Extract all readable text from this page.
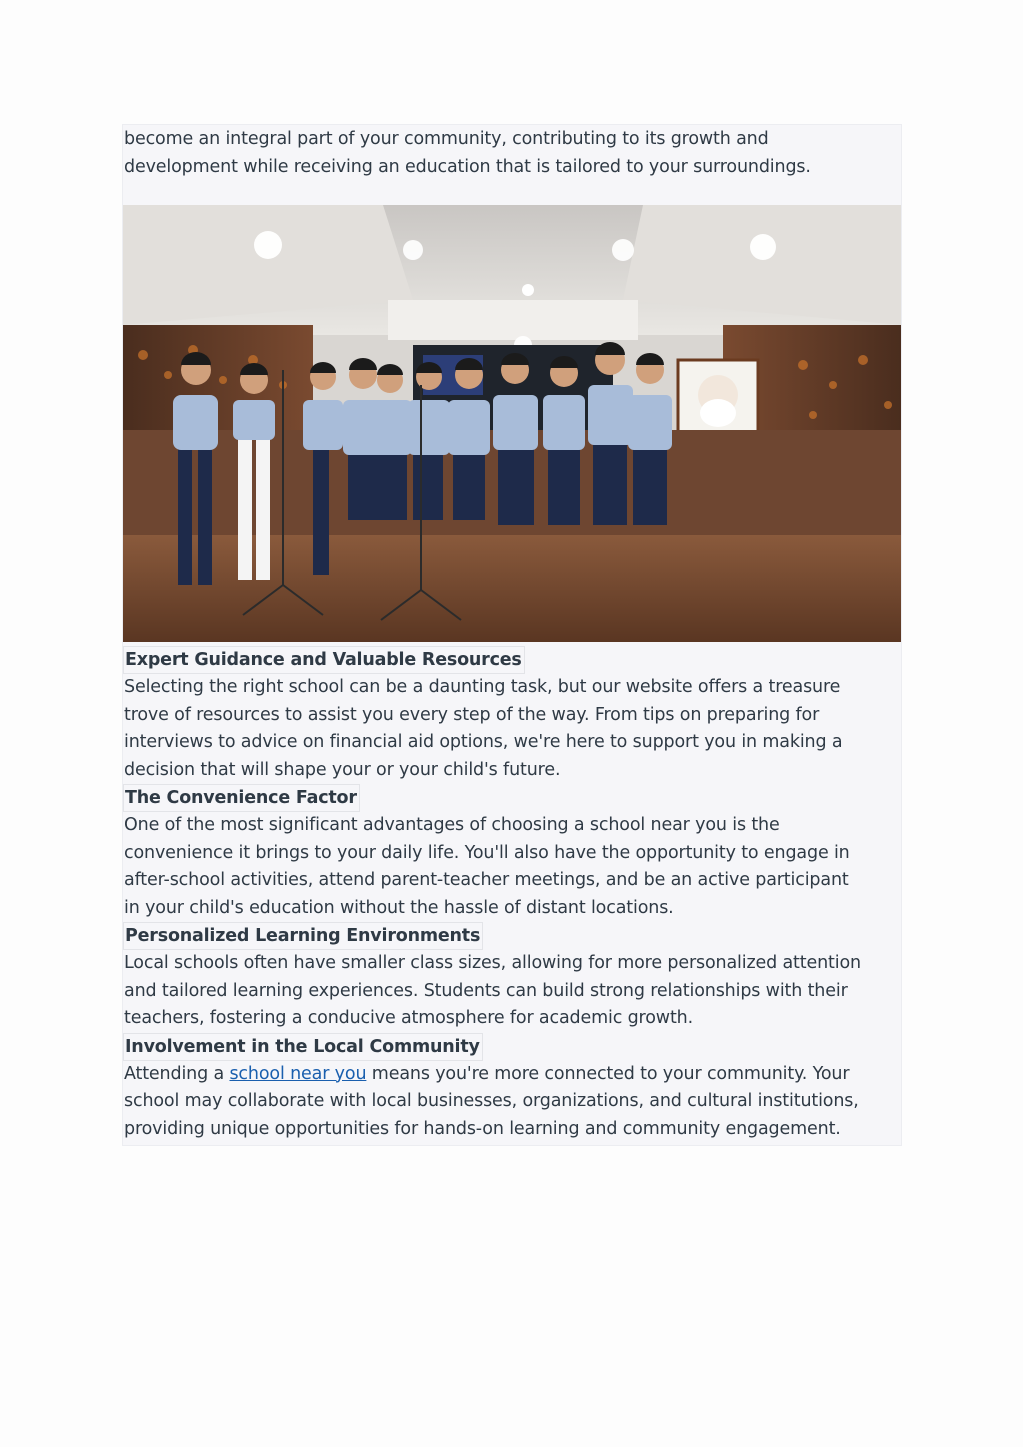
become an integral part of your community, contributing to its growth and
development while receiving an education that is tailored to your surroundings.

Expert Guidance and Valuable Resources

Selecting the right school can be a daunting task, but our website offers a treasure
trove of resources to assist you every step of the way. From tips on preparing for
interviews to advice on financial aid options, we're here to support you in making a
decision that will shape your or your child's future.

The Convenience Factor

One of the most significant advantages of choosing a school near you is the
convenience it brings to your daily life. You'll also have the opportunity to engage in
after-school activities, attend parent-teacher meetings, and be an active participant
in your child's education without the hassle of distant locations.

Personalized Learning Environments

Local schools often have smaller class sizes, allowing for more personalized attention
and tailored learning experiences. Students can build strong relationships with their
teachers, fostering a conducive atmosphere for academic growth.

Involvement in the Local Community

Attending a school near you means you're more connected to your community. Your
school may collaborate with local businesses, organizations, and cultural institutions,
providing unique opportunities for hands-on learning and community engagement.
